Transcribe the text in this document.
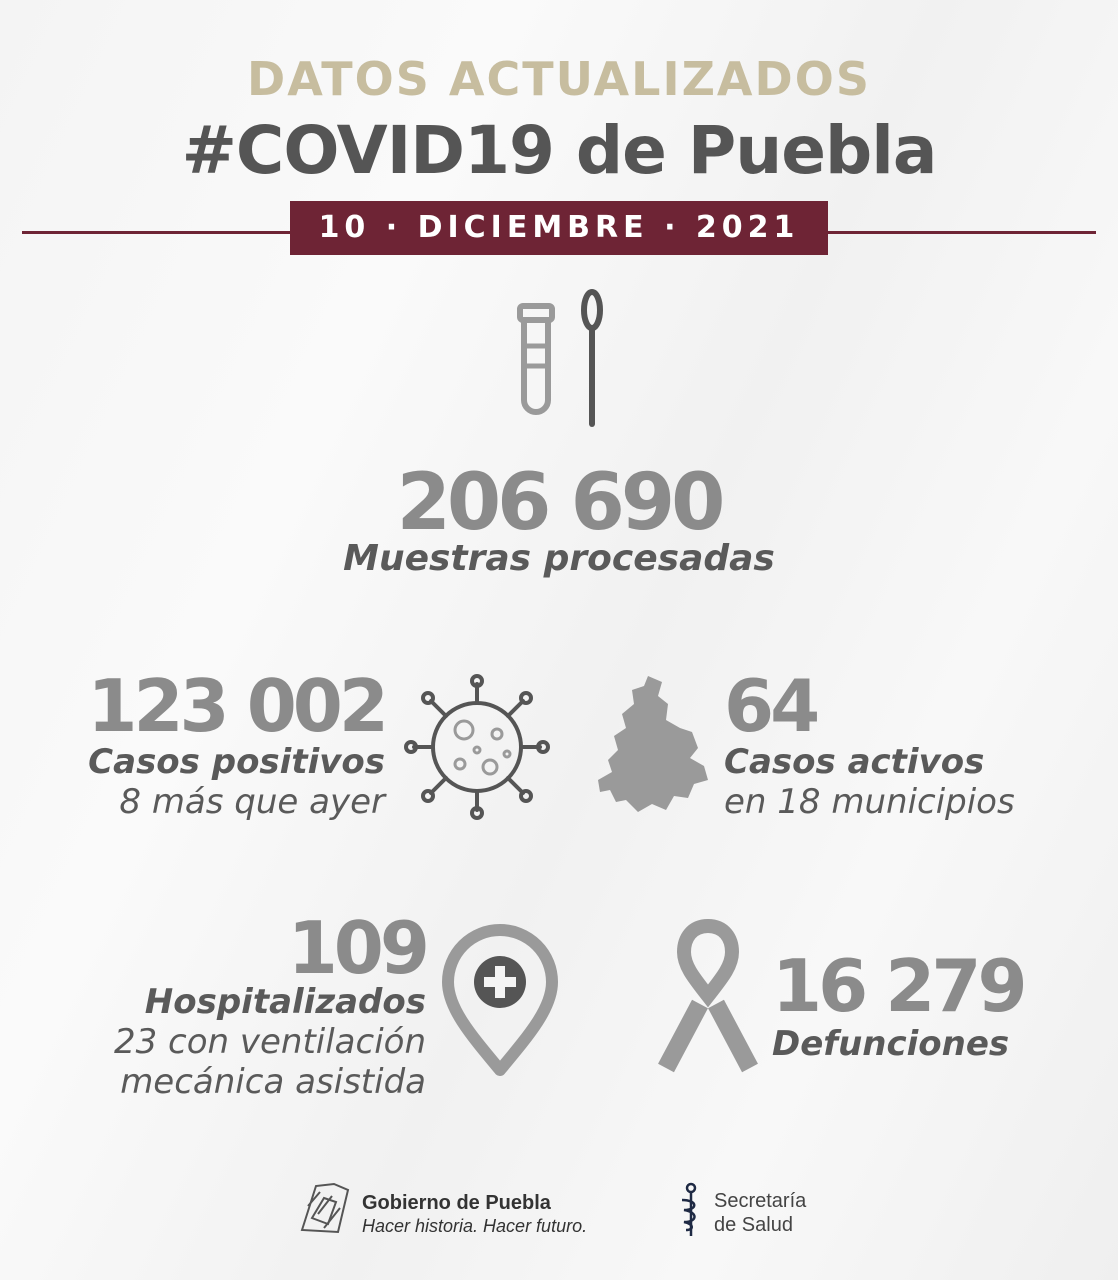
DATOS ACTUALIZADOS
#COVID19 de Puebla
10 · DICIEMBRE · 2021
206 690
Muestras procesadas
123 002
Casos positivos
8 más que ayer
64
Casos activos
en 18 municipios
109
Hospitalizados
23 con ventilación
mecánica asistida
16 279
Defunciones
Gobierno de Puebla
Hacer historia. Hacer futuro.
Secretaría
de Salud
